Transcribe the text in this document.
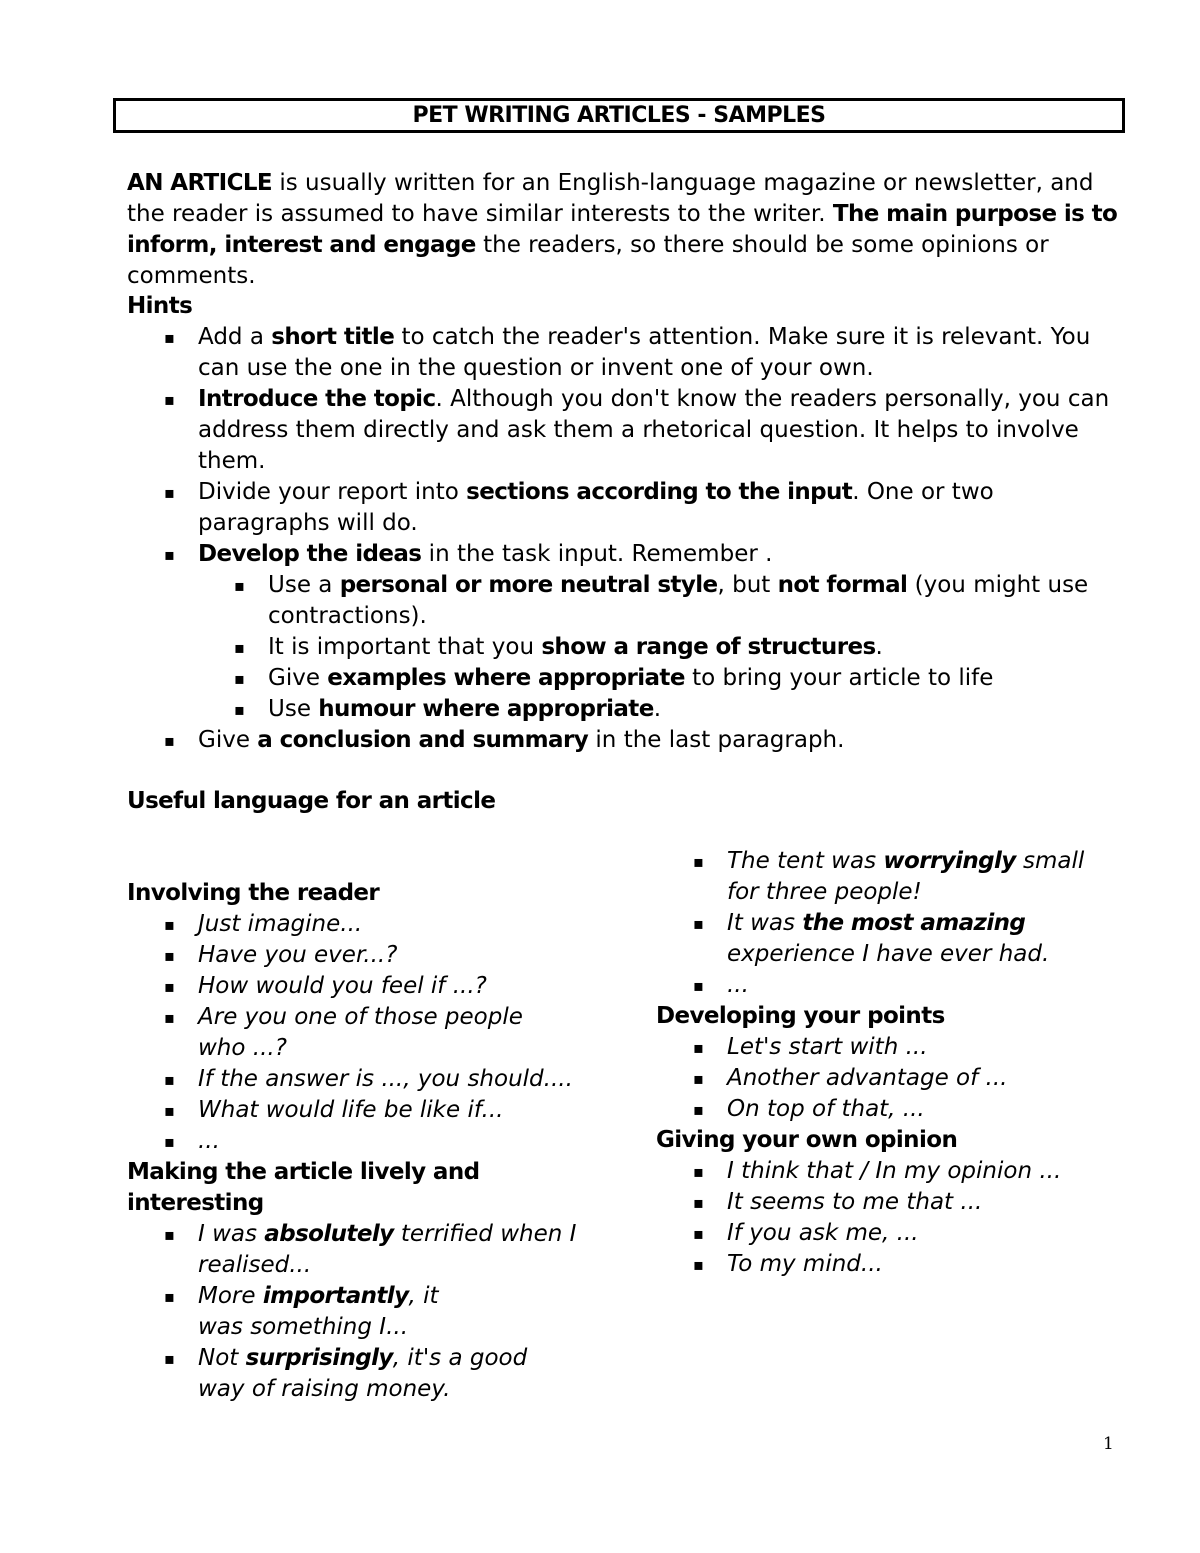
PET WRITING ARTICLES - SAMPLES

AN ARTICLE is usually written for an English-language magazine or newsletter, and the reader is assumed to have similar interests to the writer. The main purpose is to inform, interest and engage the readers, so there should be some opinions or comments.

Hints

▪ Add a short title to catch the reader's attention. Make sure it is relevant. You can use the one in the question or invent one of your own.
▪ Introduce the topic. Although you don't know the readers personally, you can address them directly and ask them a rhetorical question. It helps to involve them.
▪ Divide your report into sections according to the input. One or two paragraphs will do.
▪ Develop the ideas in the task input. Remember .
▪ Use a personal or more neutral style, but not formal (you might use contractions).
▪ It is important that you show a range of structures.
▪ Give examples where appropriate to bring your article to life
▪ Use humour where appropriate.
▪ Give a conclusion and summary in the last paragraph.

Useful language for an article

Involving the reader

▪ Just imagine...
▪ Have you ever...?
▪ How would you feel if ...?
▪ Are you one of those people who ...?
▪ If the answer is ..., you should....
▪ What would life be like if...
▪ ...

Making the article lively and interesting

▪ I was absolutely terrified when I realised...
▪ More importantly, it was something I...
▪ Not surprisingly, it's a good way of raising money.
▪ The tent was worryingly small for three people!
▪ It was the most amazing experience I have ever had.
▪ ...

Developing your points

▪ Let's start with ...
▪ Another advantage of ...
▪ On top of that, ...

Giving your own opinion

▪ I think that / In my opinion ...
▪ It seems to me that ...
▪ If you ask me, ...
▪ To my mind...
1
